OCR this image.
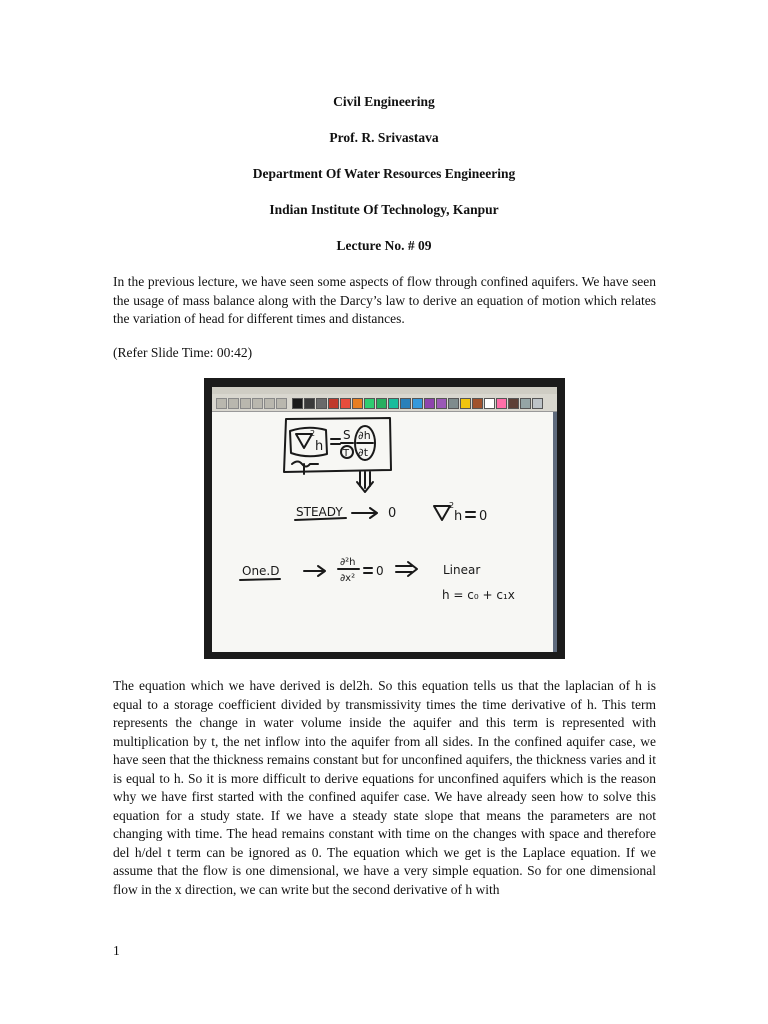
Civil Engineering
Prof. R. Srivastava
Department Of Water Resources Engineering
Indian Institute Of Technology, Kanpur
Lecture No. # 09

In the previous lecture, we have seen some aspects of flow through confined aquifers. We have seen the usage of mass balance along with the Darcy’s law to derive an equation of motion which relates the variation of head for different times and distances.

(Refer Slide Time: 00:42)
2
h
S
T
∂h
∂t
STEADY	0
2
h 0
One.D
∂²h
∂x²
0	Linear
h = c₀ + c₁x

The equation which we have derived is del2h. So this equation tells us that the laplacian of h is equal to a storage coefficient divided by transmissivity times the time derivative of h. This term represents the change in water volume inside the aquifer and this term is represented with multiplication by t, the net inflow into the aquifer from all sides. In the confined aquifer case, we have seen that the thickness remains constant but for unconfined aquifers, the thickness varies and it is equal to h. So it is more difficult to derive equations for unconfined aquifers which is the reason why we have first started with the confined aquifer case. We have already seen how to solve this equation for a study state. If we have a steady state slope that means the parameters are not changing with time. The head remains constant with time on the changes with space and therefore del h/del t term can be ignored as 0. The equation which we get is the Laplace equation. If we assume that the flow is one dimensional, we have a very simple equation. So for one dimensional flow in the x direction, we can write but the second derivative of h with

1
